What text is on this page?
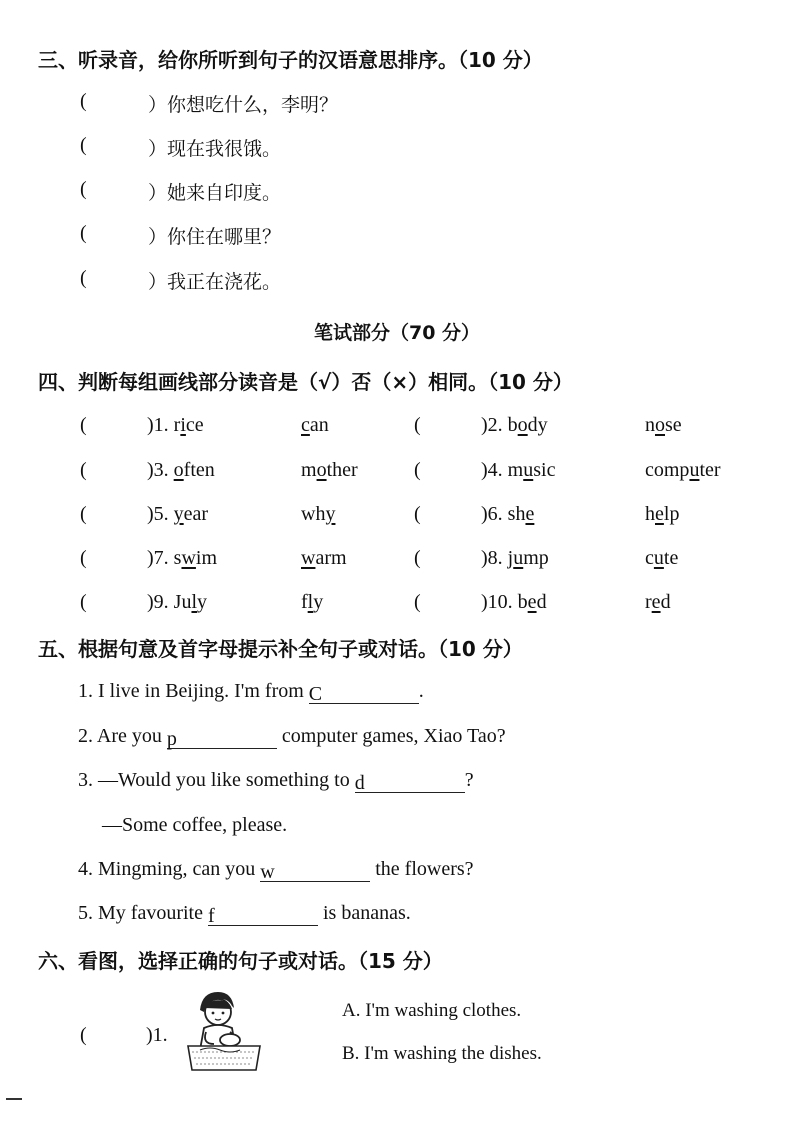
三、听录音，给你所听到句子的汉语意思排序。（10 分）
(	）你想吃什么，李明？
(	）现在我很饿。
(	）她来自印度。
(	）你住在哪里？
(	）我正在浇花。
笔试部分（70 分）
四、判断每组画线部分读音是（√）否（×）相同。（10 分）
(	)1. rice	can	(	)2. body	nose
(	)3. often	mother	(	)4. music	computer
(	)5. year	why	(	)6. she	help
(	)7. swim	warm	(	)8. jump	cute
(	)9. July	fly	(	)10. bed	red
五、根据句意及首字母提示补全句子或对话。（10 分）
1. I live in Beijing. I'm from C	.
2. Are you p	computer games, Xiao Tao?
3. —Would you like something to d	?
—Some coffee, please.
4. Mingming, can you w	the flowers?
5. My favourite f	is bananas.
六、看图，选择正确的句子或对话。（15 分）
(	)1.
A. I'm washing clothes.
B. I'm washing the dishes.
